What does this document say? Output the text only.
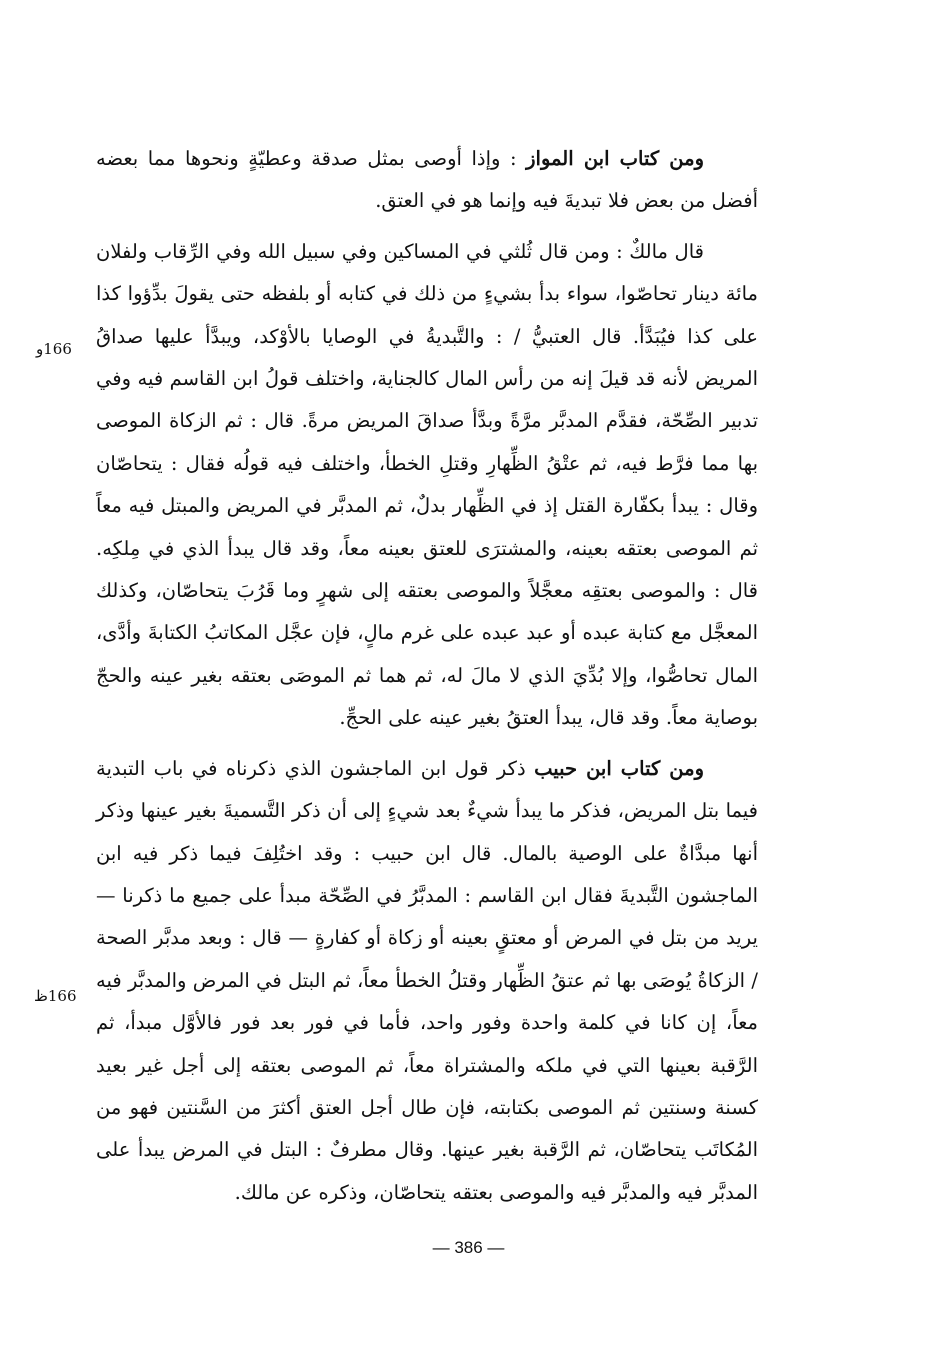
ومن كتاب ابن المواز : وإذا أوصى بمثل صدقة وعطيّةٍ ونحوها مما بعضه أفضل من بعض فلا تبديةَ فيه وإنما هو في العتق.

قال مالكٌ : ومن قال ثُلثي في المساكين وفي سبيل الله وفي الرِّقاب ولفلان مائة دينار تحاصّوا، سواء بدأ بشيءٍ من ذلك في كتابه أو بلفظه حتى يقولَ بدِّؤوا كذا على كذا فيُبَدَّأ. قال العتبيُّ / : والتَّبديةُ في الوصايا بالأوْكد، ويبدَّأ عليها صداقُ المريض لأنه قد قيلَ إنه من رأس المال كالجناية، واختلف قولُ ابن القاسم فيه وفي تدبير الصِّحّة، فقدَّم المدبَّر مرَّةً وبدَّأ صداقَ المريض مرةً. قال : ثم الزكاة الموصى بها مما فرَّط فيه، ثم عتْقُ الظِّهارِ وقتلِ الخطأ، واختلف فيه قولُه فقال : يتحاصّان وقال : يبدأ بكفّارة القتل إذ في الظِّهار بدلٌ، ثم المدبَّر في المريض والمبتل فيه معاً ثم الموصى بعتقه بعينه، والمشترَى للعتق بعينه معاً، وقد قال يبدأ الذي في مِلكِه. قال : والموصى بعتقِه معجَّلاً والموصى بعتقه إلى شهرٍ وما قَرُبَ يتحاصّان، وكذلك المعجَّل مع كتابة عبده أو عبد عبده على غرم مالٍ، فإن عجَّل المكاتبُ الكتابةَ وأدَّى، المال تحاصُّوا، وإلا بُدِّيَ الذي لا مالَ له، ثم هما ثم الموصَى بعتقه بغير عينه والحجّ بوصاية معاً. وقد قال، يبدأ العتقُ بغير عينه على الحجِّ.

ومن كتاب ابن حبيب ذكر قول ابن الماجشون الذي ذكرناه في باب التبدية فيما بتل المريض، فذكر ما يبدأ شيءٌ بعد شيءٍ إلى أن ذكر التَّسميةَ بغير عينها وذكر أنها مبدَّاةٌ على الوصية بالمال. قال ابن حبيب : وقد اختُلِفَ فيما ذكر فيه ابن الماجشون التَّبديةَ فقال ابن القاسم : المدبَّرُ في الصِّحّة مبدأ على جميع ما ذكرنا — يريد من بتل في المرض أو معتقٍ بعينه أو زكاة أو كفارةٍ — قال : وبعد مدبَّر الصحة / الزكاةُ يُوصَى بها ثم عتقُ الظِّهار وقتلُ الخطأ معاً، ثم البتل في المرض والمدبَّر فيه معاً، إن كانا في كلمة واحدة وفور واحد، فأما في فور بعد فور فالأوَّل مبدأ، ثم الرَّقبة بعينها التي في ملكه والمشتراة معاً، ثم الموصى بعتقه إلى أجل غير بعيد كسنة وسنتين ثم الموصى بكتابته، فإن طال أجل العتق أكثرَ من السَّنتين فهو من المُكاتَب يتحاصّان، ثم الرَّقبة بغير عينها. وقال مطرفٌ : البتل في المرض يبدأ على المدبَّر فيه والمدبَّر فيه والموصى بعتقه يتحاصّان، وذكره عن مالك.

166و
166ظ
— 386 —
